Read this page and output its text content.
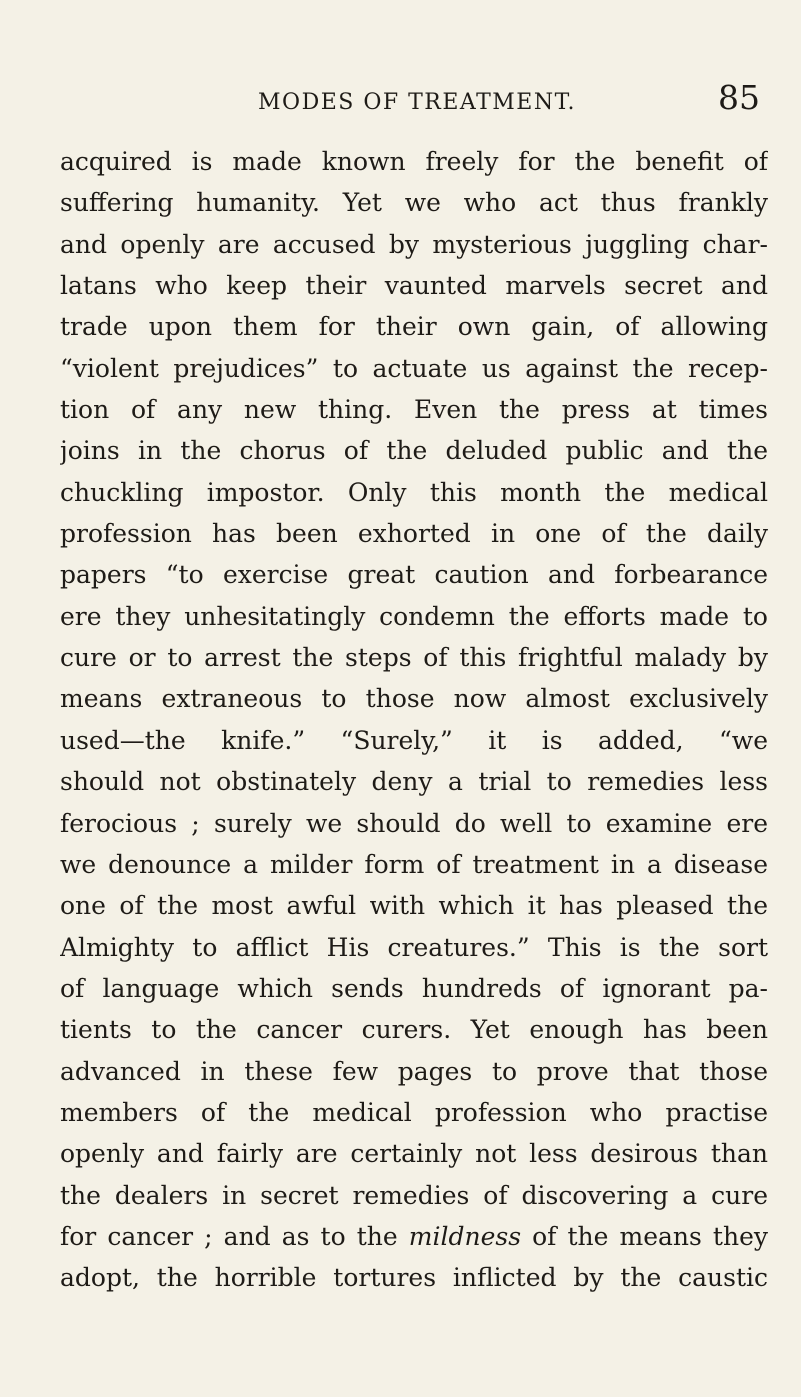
MODES OF TREATMENT.	85
acquired is made known freely for the benefit of
suffering humanity. Yet we who act thus frankly
and openly are accused by mysterious juggling char-
latans who keep their vaunted marvels secret and
trade upon them for their own gain, of allowing
“violent prejudices” to actuate us against the recep-
tion of any new thing. Even the press at times
joins in the chorus of the deluded public and the
chuckling impostor. Only this month the medical
profession has been exhorted in one of the daily
papers “to exercise great caution and forbearance
ere they unhesitatingly condemn the efforts made to
cure or to arrest the steps of this frightful malady by
means extraneous to those now almost exclusively
used—the knife.” “Surely,” it is added, “we
should not obstinately deny a trial to remedies less
ferocious ; surely we should do well to examine ere
we denounce a milder form of treatment in a disease
one of the most awful with which it has pleased the
Almighty to afflict His creatures.” This is the sort
of language which sends hundreds of ignorant pa-
tients to the cancer curers. Yet enough has been
advanced in these few pages to prove that those
members of the medical profession who practise
openly and fairly are certainly not less desirous than
the dealers in secret remedies of discovering a cure
for cancer ; and as to the mildness of the means they
adopt, the horrible tortures inflicted by the caustic
